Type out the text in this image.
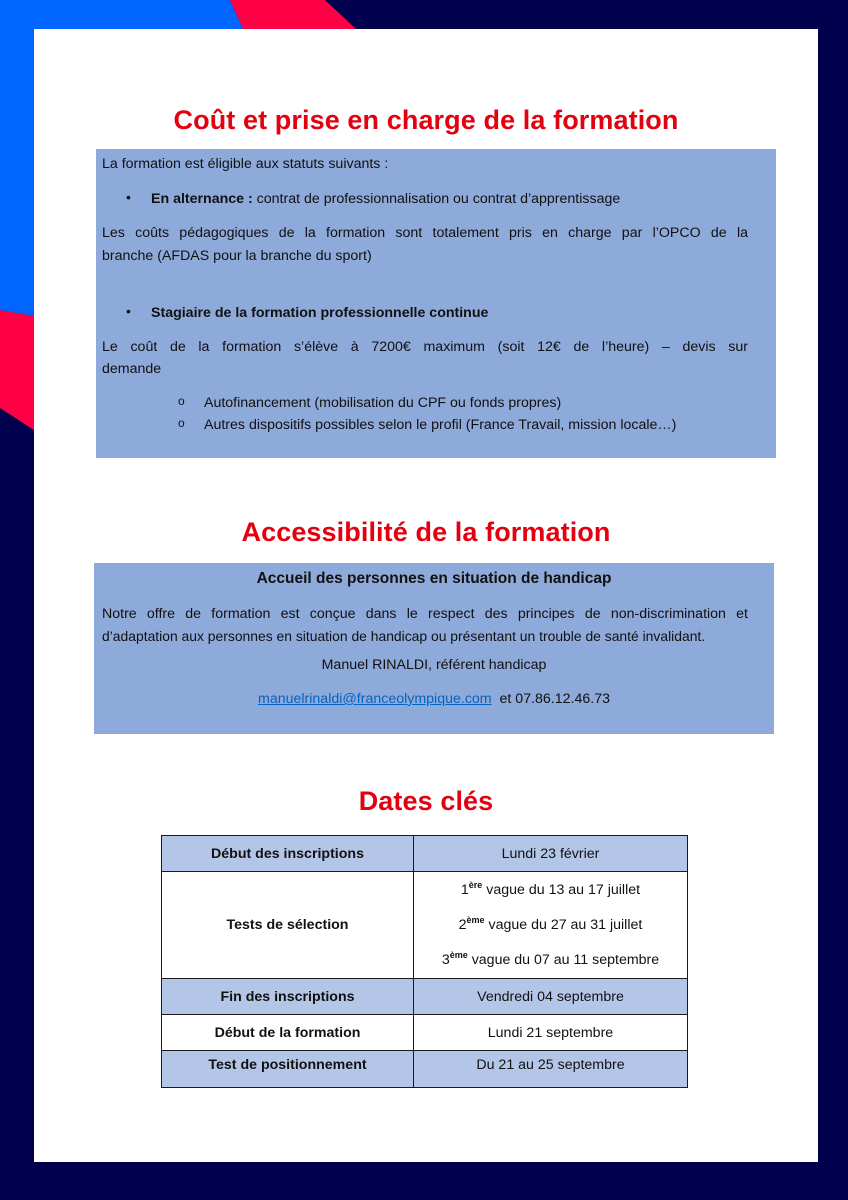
Coût et prise en charge de la formation

La formation est éligible aux statuts suivants :

• En alternance : contrat de professionnalisation ou contrat d’apprentissage

Les coûts pédagogiques de la formation sont totalement pris en charge par l’OPCO de la

branche (AFDAS pour la branche du sport)

• Stagiaire de la formation professionnelle continue

Le coût de la formation s’élève à 7200€ maximum (soit 12€ de l’heure) – devis sur

demande

o Autofinancement (mobilisation du CPF ou fonds propres)

o Autres dispositifs possibles selon le profil (France Travail, mission locale…)

Accessibilité de la formation

Accueil des personnes en situation de handicap

Notre offre de formation est conçue dans le respect des principes de non-discrimination et

d’adaptation aux personnes en situation de handicap ou présentant un trouble de santé invalidant.

Manuel RINALDI, référent handicap

manuelrinaldi@franceolympique.com et 07.86.12.46.73

Dates clés
Début des inscriptions	Lundi 23 février
Tests de sélection	1ère vague du 13 au 17 juillet
2ème vague du 27 au 31 juillet
3ème vague du 07 au 11 septembre

Fin des inscriptions	Vendredi 04 septembre
Début de la formation	Lundi 21 septembre
Test de positionnement	Du 21 au 25 septembre
